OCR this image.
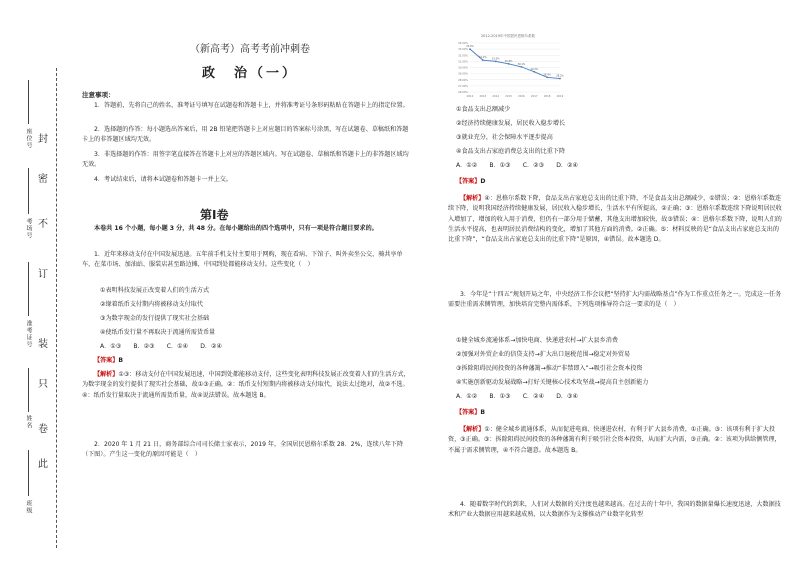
封
密
不
订
装
只
卷
此
座位号
考场号
准考证号
姓名
班级
（新高考）高考考前冲刺卷
政　治（一）
注意事项：
1．答题前，先将自己的姓名、准考证号填写在试题卷和答题卡上，并将准考证号条形码粘贴在答题卡上的指定位置。
2．选择题的作答：每小题选出答案后，用 2B 铅笔把答题卡上对应题目的答案标号涂黑，写在试题卷、草稿纸和答题卡上的非答题区域均无效。
3．非选择题的作答：用签字笔直接答在答题卡上对应的答题区域内。写在试题卷、草稿纸和答题卡上的非答题区域均无效。
4．考试结束后，请将本试题卷和答题卡一并上交。
第Ⅰ卷
本卷共 16 个小题，每小题 3 分，共 48 分。在每小题给出的四个选项中，只有一项是符合题目要求的。
1．近年来移动支付在中国发展迅速。五年前手机支付主要用于网购，现在看病、下馆子、叫外卖坐公交、骑共享单车，在菜市场、加油站、服装店甚至路边摊，中国到处都能移动支付。这些变化（　）
①表明科技发展正改变着人们的生活方式
②缘着纸币支付期内将被移动支付取代
③为数字现金的发行提供了现实社会基础
④使纸币发行量不再取决于流通所需货币量
A．①③　　B．②③　　C．①④　　D．②④
【答案】B
【解析】①③：移动支付在中国发展迅速，中国到处都能移动支付，这些变化表明科技发展正改变着人们的生活方式，为数字现金的发行提供了现实社会基础，故①③正确。②：纸币支付短期内将被移动支付取代，说法太过绝对，故②不选。④：纸币发行量取决于流通所需货币量，故④说法错误。故本题选 B。
2．2020 年 1 月 21 日，商务部综合司司长储士家表示，2019 年，全国居民恩格尔系数 28．2%，连续八年下降（下图）。产生这一变化的原因可能是（　）
2012-2019年中国居民恩格尔系数
34.00%
33.00%
32.00%
31.00%
30.00%
29.00%
28.00%
27.00%
26.00%
33.0%
2012
31.2%
2013
31.0%
2014
30.6%
2015
30.1%
2016
29.3%
2017
28.4%
2018
28.2%
2019
①食品支出总额减少
②经济持续健康发展，居民收入稳步增长
③就业充分，社会保障水平逐步提高
④食品支出占家庭消费总支出的比重下降
A．①②　　B．①③　　C．②③　　D．②④
【答案】D
【解析】④：恩格尔系数下降，食品支出占家庭总支出的比重下降，不是食品支出总额减少，①错误；②：恩格尔系数连续下降，说明我国经济持续健康发展，居民收入稳步增长，生活水平有所提高，②正确；③：恩格尔系数连续下降说明居民收入增加了，增加的收入用于消费，但仍有一部分用于储蓄，其他支出增加较快，故③错误；④：恩格尔系数下降，说明人们的生活水平提高，也表明居民消费结构的变化，增加了其他方面的消费。②正确。⑤：材料反映的是“食品支出占家庭总支出的比重下降”，“食品支出占家庭总支出的比重下降”是原因，④错误。故本题选 D。
3．今年是“十四五”规划开局之年，中央经济工作会议把“坚持扩大内需战略基点”作为工作重点任务之一。完成这一任务需要注重需求侧管理，加快培育完整内需体系，下列选项推导符合这一要求的是（　）
①健全城乡流通体系→加快电商、快递进农村→扩大县乡消费
②加强对外贸企业的信贷支持→扩大出口退税范围→稳定对外贸易
③拆除阻碍民间投资的各种藩篱→推动“非禁即入”→吸引社会资本投资
④实施创新驱动发展战略→打好关键核心技术攻坚战→提高自主创新能力
A．①②　　B．①③　　C．②④　　D．③④
【答案】B
【解析】①：健全城乡流通体系，从而促进电商、快递进农村，有利于扩大县乡消费，①正确。③：该项有利于扩大投资，③正确。③：拆除阻碍民间投资的各种藩篱有利于吸引社会资本投资，从而扩大内需，③正确。②：该项为供给侧管理，不属于需求侧管理，④不符合题意。故本题选 B。
4．随着数字时代的到来，人们对大数据的关注度也越来越高。在过去的十年中，我国的数据量爆长速度迅速，大数据技术和产业大数据应用越来越成熟，以大数据作为支撑推动产业数字化转型
